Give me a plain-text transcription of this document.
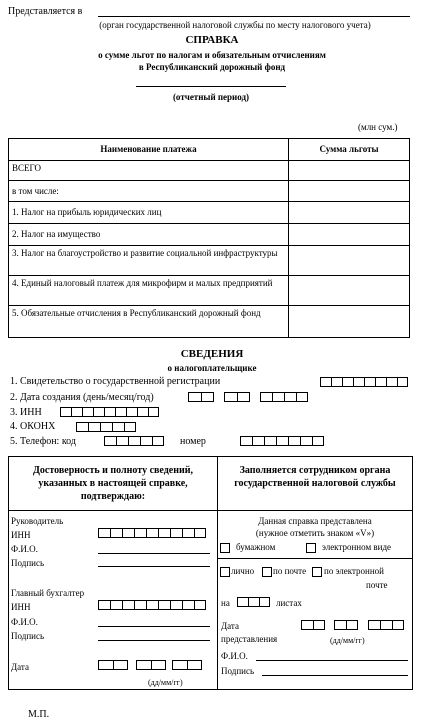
Представляется в
(орган государственной налоговой службы по месту налогового учета)
СПРАВКА
о сумме льгот по налогам и обязательным отчислениям
в Республиканский дорожный фонд
(отчетный период)
(млн сум.)
Наименование платежа	Сумма льготы
ВСЕГО	
в том числе:	
1. Налог на прибыль юридических лиц	
2. Налог на имущество	
3. Налог на благоустройство и развитие социальной инфраструктуры	
4. Единый налоговый платеж для микрофирм и малых предприятий	
5. Обязательные отчисления в Республиканский дорожный фонд	
СВЕДЕНИЯ
о налогоплательщике
1. Свидетельство о государственной регистрации
2. Дата создания (день/месяц/год)
3. ИНН
4. ОКОНХ
5. Телефон: код	номер
Достоверность и полноту сведений, указанных в настоящей справке, подтверждаю:
Заполняется сотрудником органа государственной налоговой службы
Руководитель
ИНН
Ф.И.О.
Подпись
Главный бухгалтер
ИНН
Ф.И.О.
Подпись
Дата
(дд/мм/гг)
Данная справка представлена
(нужное отметить знаком «V»)
бумажном	электронном виде
лично по почте по электронной
почте
на	листах
Дата
представления	(дд/мм/гг)
Ф.И.О.
Подпись
М.П.
